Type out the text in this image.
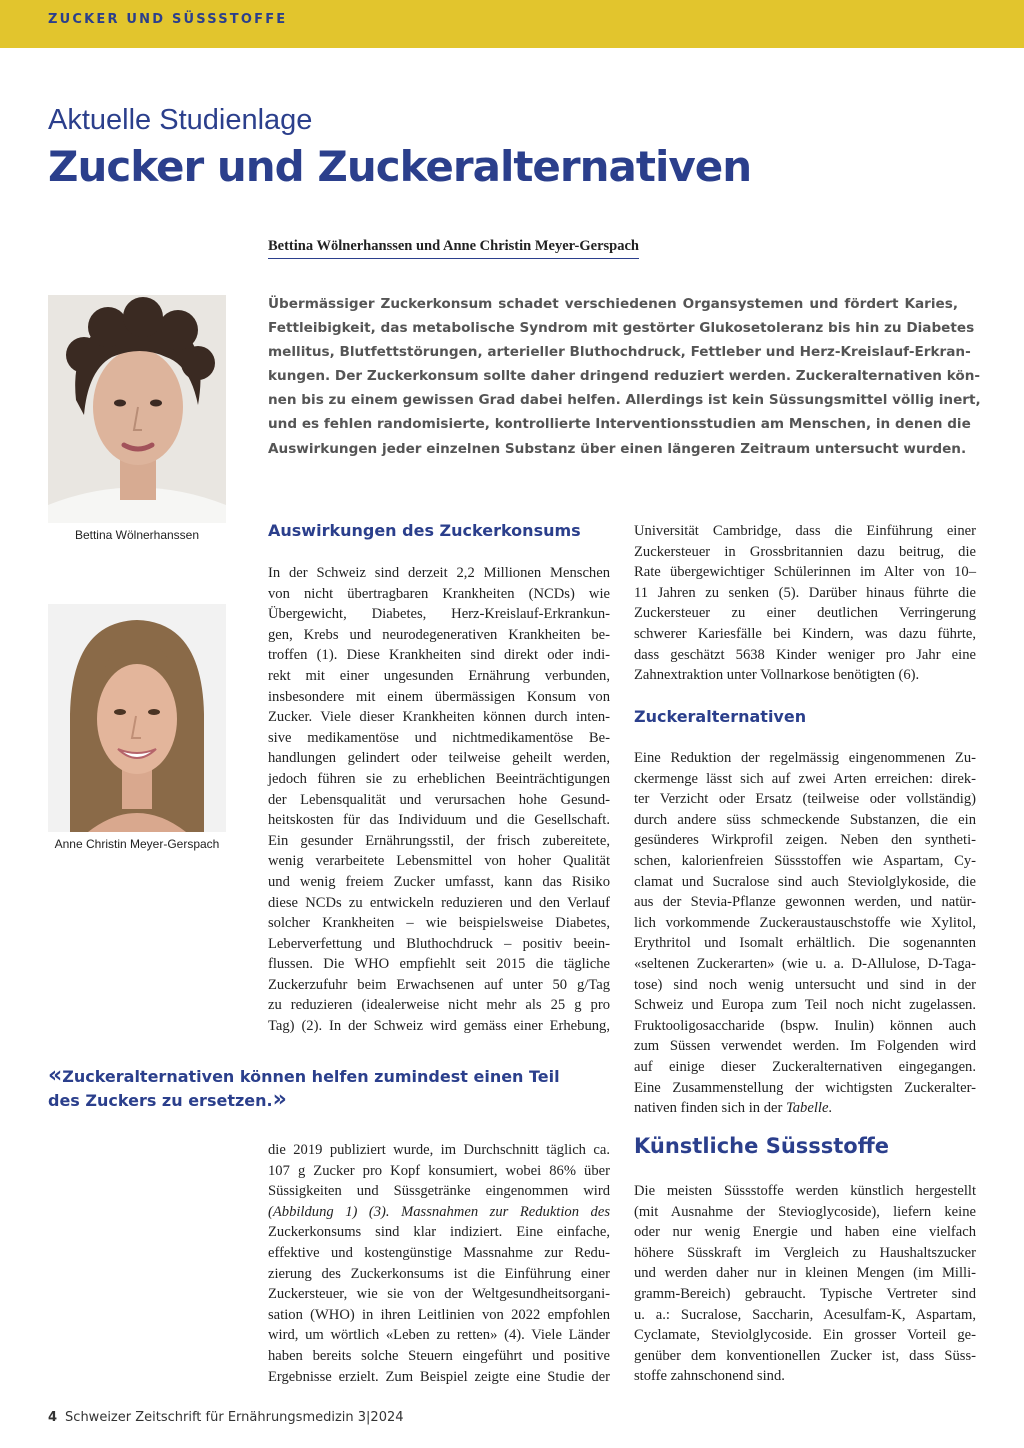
ZUCKER UND SÜSSSTOFFE
Aktuelle Studienlage
Zucker und Zuckeralternativen
Bettina Wölnerhanssen und Anne Christin Meyer-Gerspach
Übermässiger Zuckerkonsum schadet verschiedenen Organsystemen und fördert Karies,
Fettleibigkeit, das metabolische Syndrom mit gestörter Glukosetoleranz bis hin zu Diabetes
mellitus, Blutfettstörungen, arterieller Bluthochdruck, Fettleber und Herz-Kreislauf-Erkran-
kungen. Der Zuckerkonsum sollte daher dringend reduziert werden. Zuckeralternativen kön-
nen bis zu einem gewissen Grad dabei helfen. Allerdings ist kein Süssungsmittel völlig inert,
und es fehlen randomisierte, kontrollierte Interventionsstudien am Menschen, in denen die
Auswirkungen jeder einzelnen Substanz über einen längeren Zeitraum untersucht wurden.
Bettina Wölnerhanssen
Anne Christin Meyer-Gerspach
Auswirkungen des Zuckerkonsums
In der Schweiz sind derzeit 2,2 Millionen Menschen
von nicht übertragbaren Krankheiten (NCDs) wie
Übergewicht, Diabetes, Herz-Kreislauf-Erkrankun-
gen, Krebs und neurodegenerativen Krankheiten be-
troffen (1). Diese Krankheiten sind direkt oder indi-
rekt mit einer ungesunden Ernährung verbunden,
insbesondere mit einem übermässigen Konsum von
Zucker. Viele dieser Krankheiten können durch inten-
sive medikamentöse und nichtmedikamentöse Be-
handlungen gelindert oder teilweise geheilt werden,
jedoch führen sie zu erheblichen Beeinträchtigungen
der Lebensqualität und verursachen hohe Gesund-
heitskosten für das Individuum und die Gesellschaft.
Ein gesunder Ernährungsstil, der frisch zubereitete,
wenig verarbeitete Lebensmittel von hoher Qualität
und wenig freiem Zucker umfasst, kann das Risiko
diese NCDs zu entwickeln reduzieren und den Verlauf
solcher Krankheiten – wie beispielsweise Diabetes,
Leberverfettung und Bluthochdruck – positiv beein-
flussen. Die WHO empfiehlt seit 2015 die tägliche
Zuckerzufuhr beim Erwachsenen auf unter 50 g/Tag
zu reduzieren (idealerweise nicht mehr als 25 g pro
Tag) (2). In der Schweiz wird gemäss einer Erhebung,
«Zuckeralternativen können helfen zumindest einen Teil
des Zuckers zu ersetzen.»
die 2019 publiziert wurde, im Durchschnitt täglich ca.
107 g Zucker pro Kopf konsumiert, wobei 86% über
Süssigkeiten und Süssgetränke eingenommen wird
(Abbildung 1) (3). Massnahmen zur Reduktion des
Zuckerkonsums sind klar indiziert. Eine einfache,
effektive und kostengünstige Massnahme zur Redu-
zierung des Zuckerkonsums ist die Einführung einer
Zuckersteuer, wie sie von der Weltgesundheitsorgani-
sation (WHO) in ihren Leitlinien von 2022 empfohlen
wird, um wörtlich «Leben zu retten» (4). Viele Länder
haben bereits solche Steuern eingeführt und positive
Ergebnisse erzielt. Zum Beispiel zeigte eine Studie der
Universität Cambridge, dass die Einführung einer
Zuckersteuer in Grossbritannien dazu beitrug, die
Rate übergewichtiger Schülerinnen im Alter von 10–
11 Jahren zu senken (5). Darüber hinaus führte die
Zuckersteuer zu einer deutlichen Verringerung
schwerer Kariesfälle bei Kindern, was dazu führte,
dass geschätzt 5638 Kinder weniger pro Jahr eine
Zahnextraktion unter Vollnarkose benötigten (6).
Zuckeralternativen
Eine Reduktion der regelmässig eingenommenen Zu-
ckermenge lässt sich auf zwei Arten erreichen: direk-
ter Verzicht oder Ersatz (teilweise oder vollständig)
durch andere süss schmeckende Substanzen, die ein
gesünderes Wirkprofil zeigen. Neben den syntheti-
schen, kalorienfreien Süssstoffen wie Aspartam, Cy-
clamat und Sucralose sind auch Steviolglykoside, die
aus der Stevia-Pflanze gewonnen werden, und natür-
lich vorkommende Zuckeraustauschstoffe wie Xylitol,
Erythritol und Isomalt erhältlich. Die sogenannten
«seltenen Zuckerarten» (wie u. a. D-Allulose, D-Taga-
tose) sind noch wenig untersucht und sind in der
Schweiz und Europa zum Teil noch nicht zugelassen.
Fruktooligosaccharide (bspw. Inulin) können auch
zum Süssen verwendet werden. Im Folgenden wird
auf einige dieser Zuckeralternativen eingegangen.
Eine Zusammenstellung der wichtigsten Zuckeralter-
nativen finden sich in der Tabelle.
Künstliche Süssstoffe
Die meisten Süssstoffe werden künstlich hergestellt
(mit Ausnahme der Stevioglycoside), liefern keine
oder nur wenig Energie und haben eine vielfach
höhere Süsskraft im Vergleich zu Haushaltszucker
und werden daher nur in kleinen Mengen (im Milli-
gramm-Bereich) gebraucht. Typische Vertreter sind
u. a.: Sucralose, Saccharin, Acesulfam-K, Aspartam,
Cyclamate, Steviolglycoside. Ein grosser Vorteil ge-
genüber dem konventionellen Zucker ist, dass Süss-
stoffe zahnschonend sind.
4 Schweizer Zeitschrift für Ernährungsmedizin 3|2024
